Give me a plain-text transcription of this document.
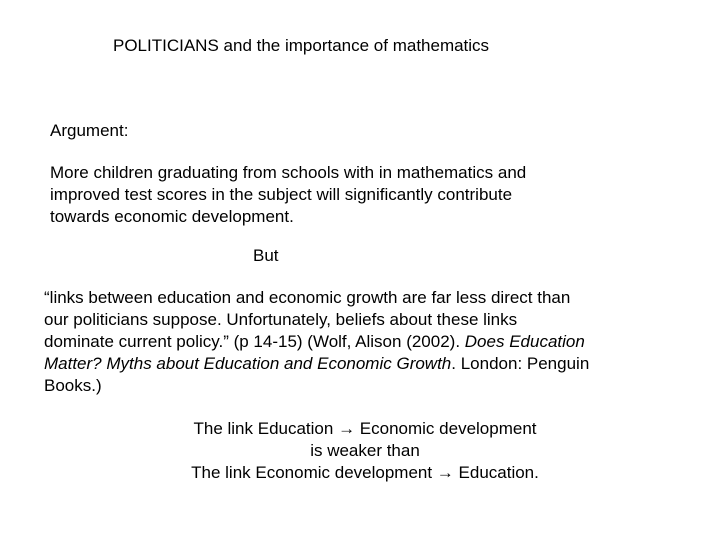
POLITICIANS and the importance of mathematics
Argument:
More children graduating from schools with in mathematics and
improved test scores in the subject will significantly contribute
towards economic development.
But
“links between education and economic growth are far less direct than
our politicians suppose. Unfortunately, beliefs about these links
dominate current policy.” (p 14-15) (Wolf, Alison (2002). Does Education
Matter? Myths about Education and Economic Growth. London: Penguin
Books.)
The link Education → Economic development
is weaker than
The link Economic development → Education.
